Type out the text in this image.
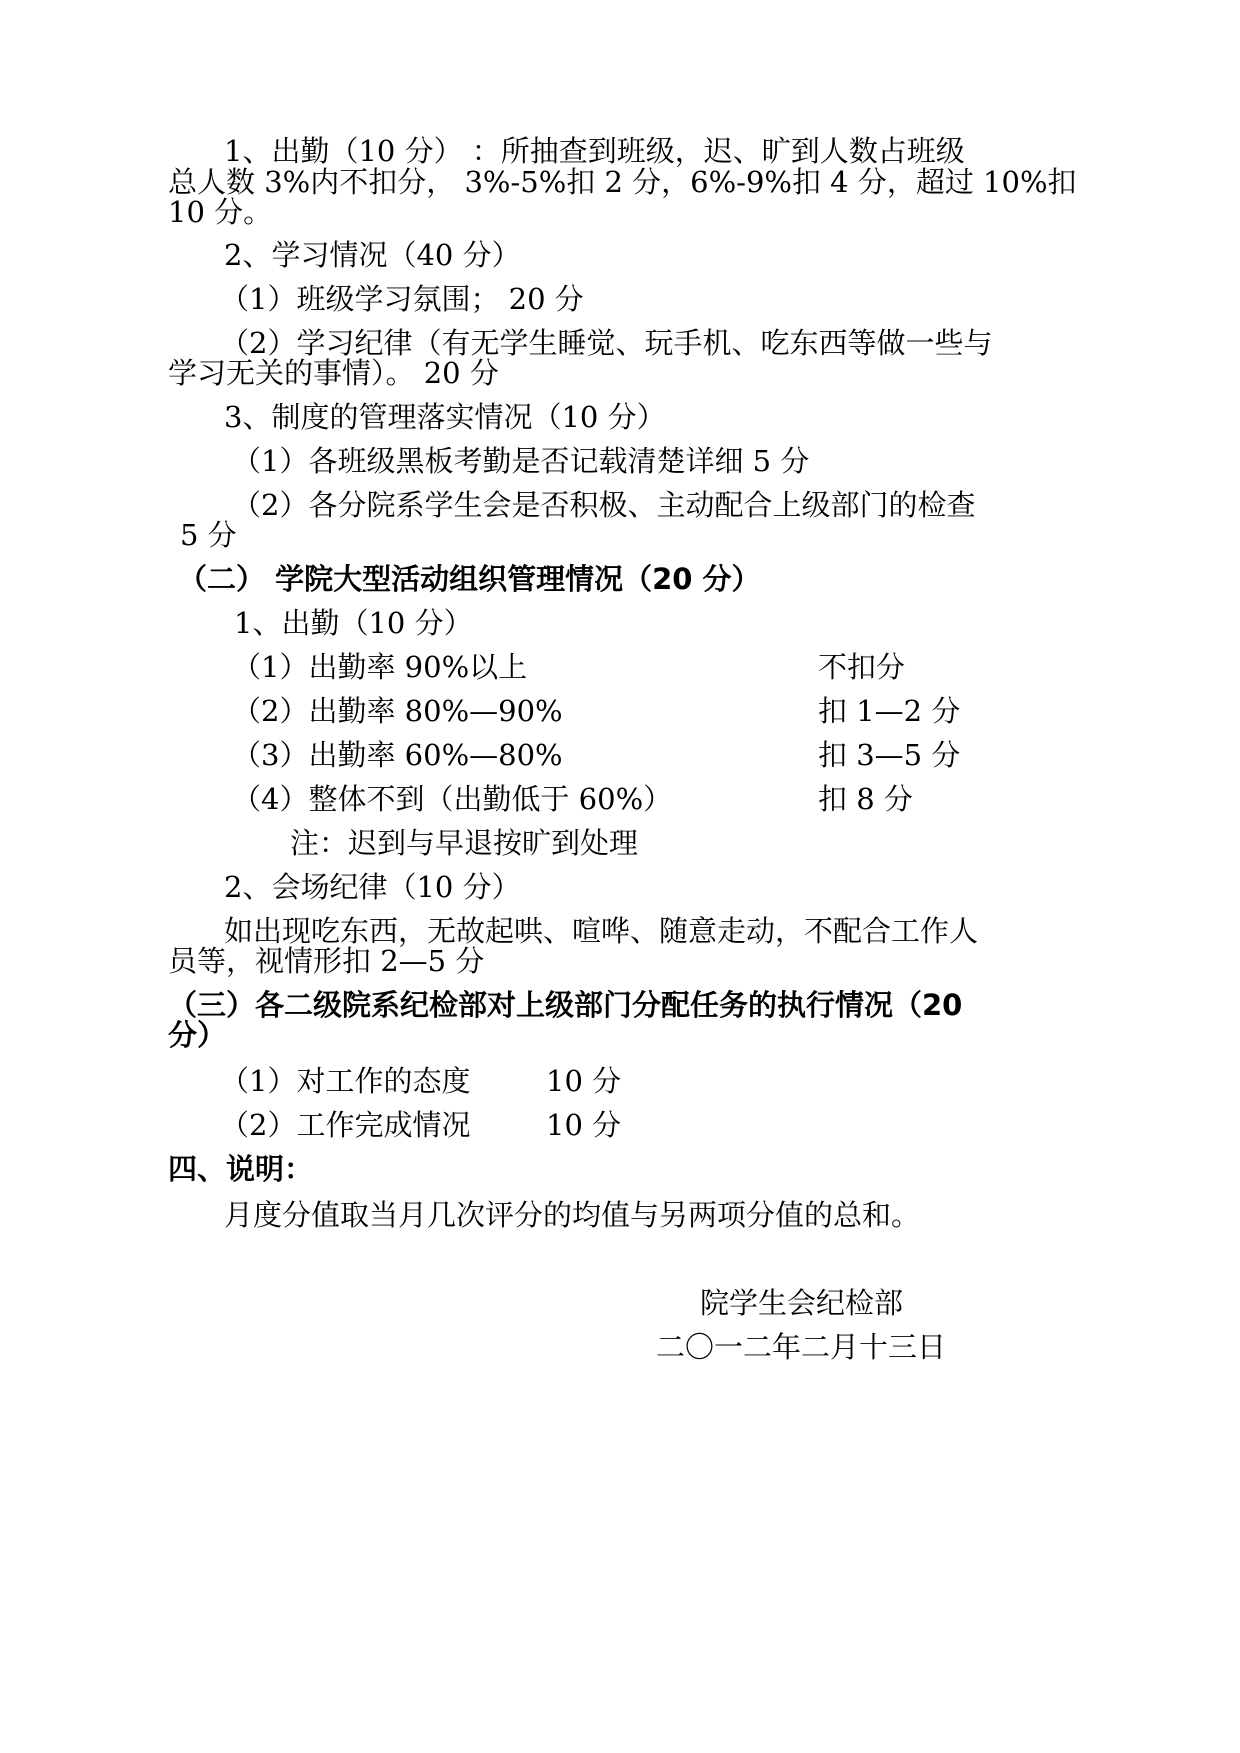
1、出勤（10 分） ：所抽查到班级，迟、旷到人数占班级
总人数 3%内不扣分， 3%-5%扣 2 分，6%-9%扣 4 分，超过 10%扣
10 分。
2、学习情况（40 分）
（1）班级学习氛围； 20 分
（2）学习纪律（有无学生睡觉、玩手机、吃东西等做一些与
学习无关的事情）。 20 分
3、制度的管理落实情况（10 分）
（1）各班级黑板考勤是否记载清楚详细 5 分
（2）各分院系学生会是否积极、主动配合上级部门的检查
5 分
（二） 学院大型活动组织管理情况（20 分）
1、出勤（10 分）
（1）出勤率 90%以上	不扣分
（2）出勤率 80%—90%	扣 1—2 分
（3）出勤率 60%—80%	扣 3—5 分
（4）整体不到（出勤低于 60%）	扣 8 分
注：迟到与早退按旷到处理
2、会场纪律（10 分）
如出现吃东西，无故起哄、喧哗、随意走动，不配合工作人
员等，视情形扣 2—5 分
（三）各二级院系纪检部对上级部门分配任务的执行情况（20
分）
（1）对工作的态度	10 分
（2）工作完成情况	10 分
四、说明：
月度分值取当月几次评分的均值与另两项分值的总和。
院学生会纪检部
二〇一二年二月十三日
